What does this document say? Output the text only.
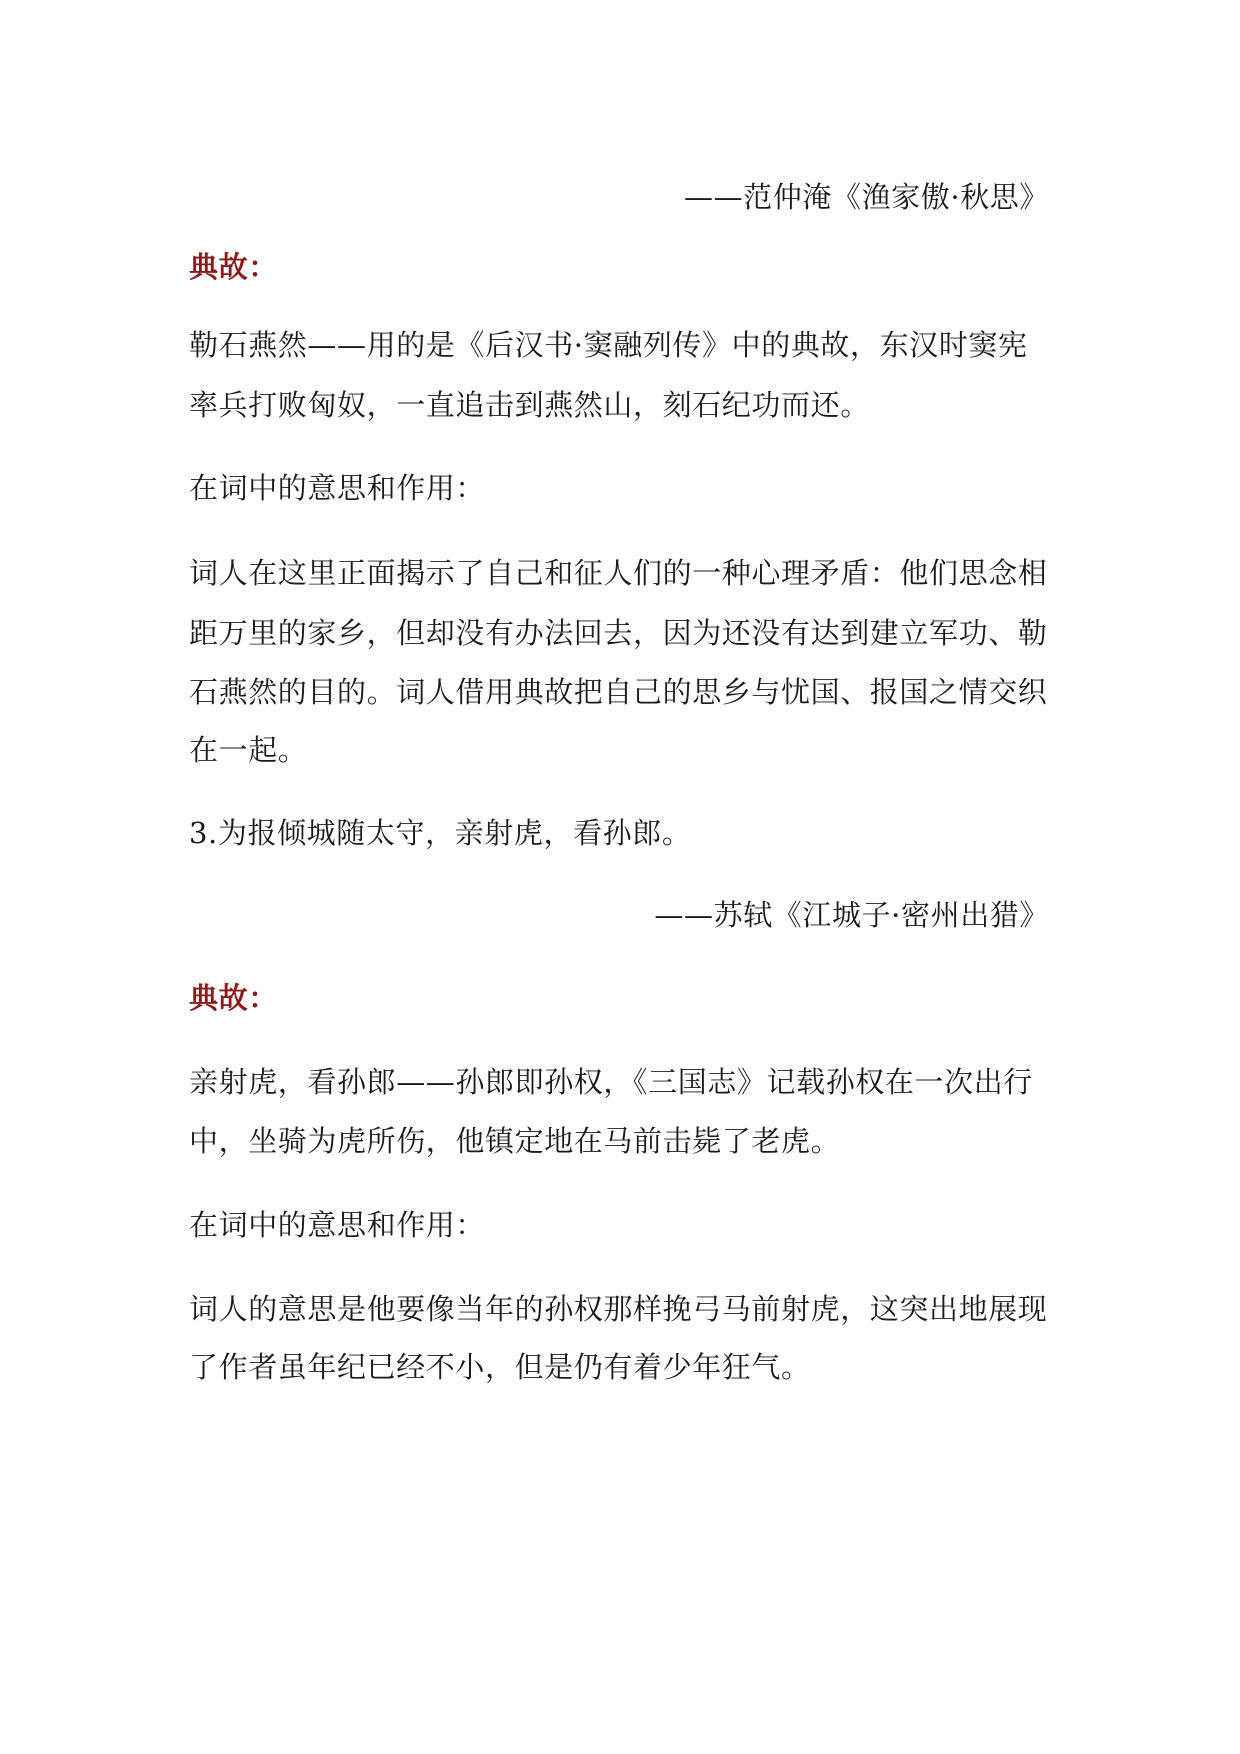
——范仲淹《渔家傲·秋思》
典故：
勒石燕然——用的是《后汉书·窦融列传》中的典故，东汉时窦宪
率兵打败匈奴，一直追击到燕然山，刻石纪功而还。
在词中的意思和作用：
词人在这里正面揭示了自己和征人们的一种心理矛盾：他们思念相
距万里的家乡，但却没有办法回去，因为还没有达到建立军功、勒
石燕然的目的。词人借用典故把自己的思乡与忧国、报国之情交织
在一起。
3.为报倾城随太守，亲射虎，看孙郎。
——苏轼《江城子·密州出猎》
典故：
亲射虎，看孙郎——孙郎即孙权，《三国志》记载孙权在一次出行
中，坐骑为虎所伤，他镇定地在马前击毙了老虎。
在词中的意思和作用：
词人的意思是他要像当年的孙权那样挽弓马前射虎，这突出地展现
了作者虽年纪已经不小，但是仍有着少年狂气。
